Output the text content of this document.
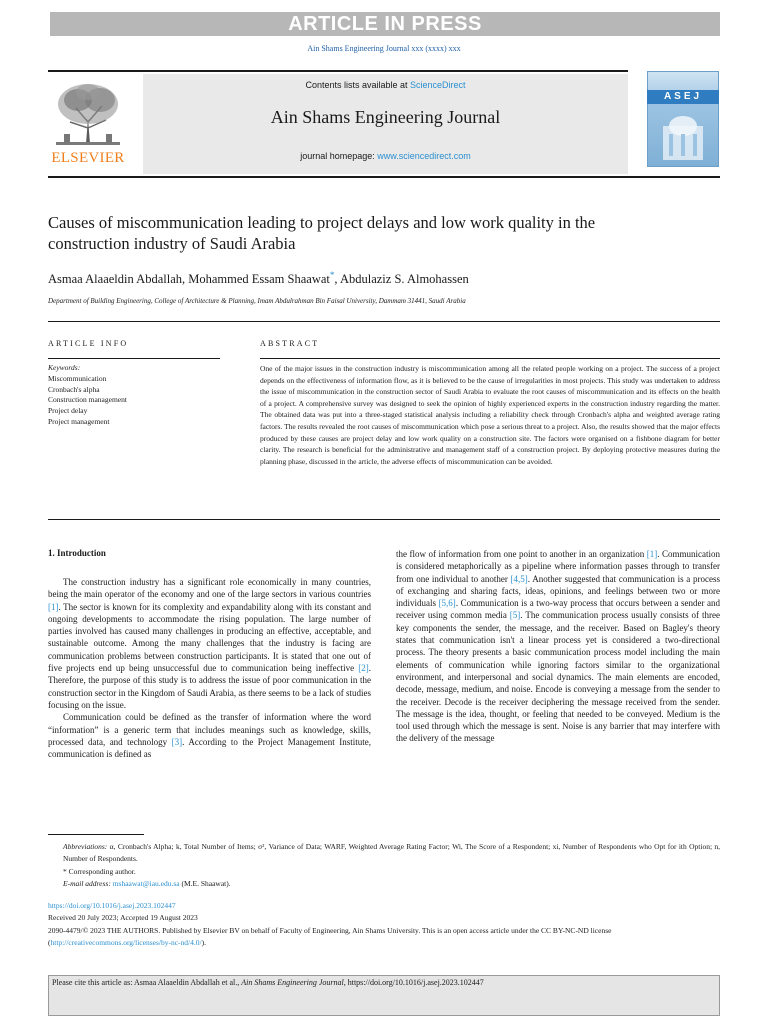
ARTICLE IN PRESS
Ain Shams Engineering Journal xxx (xxxx) xxx
ELSEVIER
Contents lists available at ScienceDirect
Ain Shams Engineering Journal
journal homepage: www.sciencedirect.com
ASEJ
Causes of miscommunication leading to project delays and low work quality in the construction industry of Saudi Arabia
Asmaa Alaaeldin Abdallah, Mohammed Essam Shaawat*, Abdulaziz S. Almohassen
Department of Building Engineering, College of Architecture & Planning, Imam Abdulrahman Bin Faisal University, Dammam 31441, Saudi Arabia
ARTICLE INFO
Keywords:
Miscommunication
Cronbach's alpha
Construction management
Project delay
Project management
ABSTRACT
One of the major issues in the construction industry is miscommunication among all the related people working on a project. The success of a project depends on the effectiveness of information flow, as it is believed to be the cause of irregularities in most projects. This study was undertaken to address the issue of miscommunication in the construction sector of Saudi Arabia to evaluate the root causes of miscommunication and its effects on the health of a project. A comprehensive survey was designed to seek the opinion of highly experienced experts in the construction industry regarding the matter. The obtained data was put into a three-staged statistical analysis including a reliability check through Cronbach's alpha and weighted average rating factors. The results revealed the root causes of miscommunication which pose a serious threat to a project. Also, the results showed that the major effects produced by these causes are project delay and low work quality on a construction site. The factors were organised on a fishbone diagram for better clarity. The research is beneficial for the administrative and management staff of a construction project. By deploying protective measures during the planning phase, discussed in the article, the adverse effects of miscommunication can be avoided.
1. Introduction

The construction industry has a significant role economically in many countries, being the main operator of the economy and one of the large sectors in various countries [1]. The sector is known for its complexity and expandability along with its constant and ongoing developments to accommodate the rising population. The large number of parties involved has caused many challenges in producing an effective, acceptable, and sustainable outcome. Among the many challenges that the industry is facing are communication problems between construction participants. It is stated that one out of five projects end up being unsuccessful due to communication being ineffective [2]. Therefore, the purpose of this study is to address the issue of poor communication in the construction sector in the Kingdom of Saudi Arabia, as there seems to be a lack of studies focusing on the issue.

Communication could be defined as the transfer of information where the word “information” is a generic term that includes meanings such as knowledge, skills, processed data, and technology [3]. According to the Project Management Institute, communication is defined as

the flow of information from one point to another in an organization [1]. Communication is considered metaphorically as a pipeline where information passes through to transfer from one individual to another [4,5]. Another suggested that communication is a process of exchanging and sharing facts, ideas, opinions, and feelings between two or more individuals [5,6]. Communication is a two-way process that occurs between a sender and receiver using common media [5]. The communication process usually consists of three key components the sender, the message, and the receiver. Based on Bagley's theory states that communication isn't a linear process yet is considered a two-directional process. The theory presents a basic communication process model including the main elements of communication while ignoring factors similar to the organizational environment, and interpersonal and social dynamics. The main elements are encoded, decode, message, medium, and noise. Encode is conveying a message from the sender to the receiver. Decode is the receiver deciphering the message received from the sender. The message is the idea, thought, or feeling that needed to be conveyed. Medium is the tool used through which the message is sent. Noise is any barrier that may interfere with the delivery of the message
Abbreviations: α, Cronbach's Alpha; k, Total Number of Items; σ², Variance of Data; WARF, Weighted Average Rating Factor; Wi, The Score of a Respondent; xi, Number of Respondents who Opt for ith Option; n, Number of Respondents.
* Corresponding author.
E-mail address: mshaawat@iau.edu.sa (M.E. Shaawat).
https://doi.org/10.1016/j.asej.2023.102447
Received 20 July 2023; Accepted 19 August 2023
2090-4479/© 2023 THE AUTHORS. Published by Elsevier BV on behalf of Faculty of Engineering, Ain Shams University. This is an open access article under the CC BY-NC-ND license (http://creativecommons.org/licenses/by-nc-nd/4.0/).
Please cite this article as: Asmaa Alaaeldin Abdallah et al., Ain Shams Engineering Journal, https://doi.org/10.1016/j.asej.2023.102447
